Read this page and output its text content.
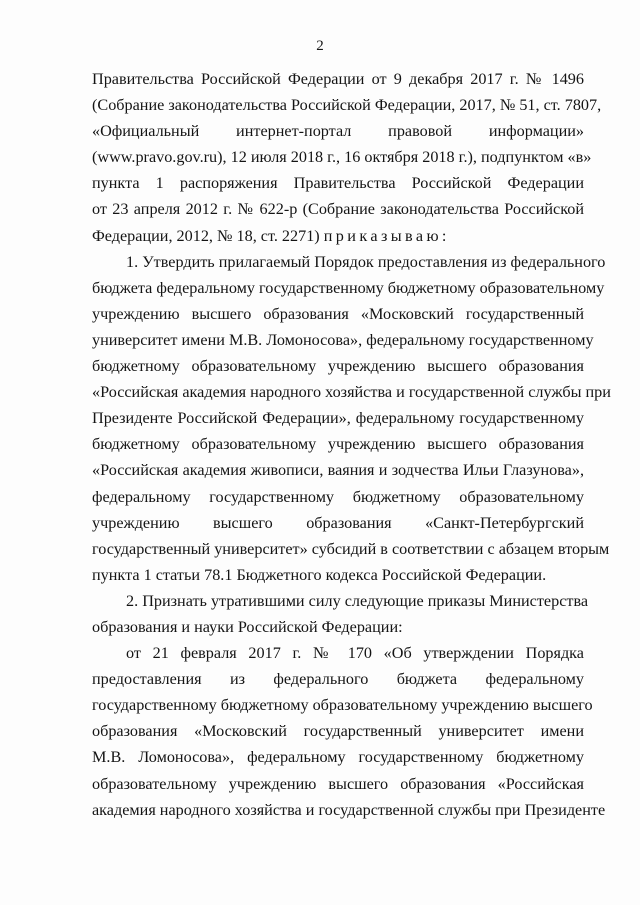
2
Правительства Российской Федерации от 9 декабря 2017 г. № 1496
(Собрание законодательства Российской Федерации, 2017, № 51, ст. 7807,
«Официальный интернет-портал правовой информации»
(www.pravo.gov.ru), 12 июля 2018 г., 16 октября 2018 г.), подпунктом «в»
пункта 1 распоряжения Правительства Российской Федерации
от 23 апреля 2012 г. № 622-р (Собрание законодательства Российской
Федерации, 2012, № 18, ст. 2271) приказываю:
1. Утвердить прилагаемый Порядок предоставления из федерального
бюджета федеральному государственному бюджетному образовательному
учреждению высшего образования «Московский государственный
университет имени М.В. Ломоносова», федеральному государственному
бюджетному образовательному учреждению высшего образования
«Российская академия народного хозяйства и государственной службы при
Президенте Российской Федерации», федеральному государственному
бюджетному образовательному учреждению высшего образования
«Российская академия живописи, ваяния и зодчества Ильи Глазунова»,
федеральному государственному бюджетному образовательному
учреждению высшего образования «Санкт-Петербургский
государственный университет» субсидий в соответствии с абзацем вторым
пункта 1 статьи 78.1 Бюджетного кодекса Российской Федерации.
2. Признать утратившими силу следующие приказы Министерства
образования и науки Российской Федерации:
от 21 февраля 2017 г. № 170 «Об утверждении Порядка
предоставления из федерального бюджета федеральному
государственному бюджетному образовательному учреждению высшего
образования «Московский государственный университет имени
М.В. Ломоносова», федеральному государственному бюджетному
образовательному учреждению высшего образования «Российская
академия народного хозяйства и государственной службы при Президенте
